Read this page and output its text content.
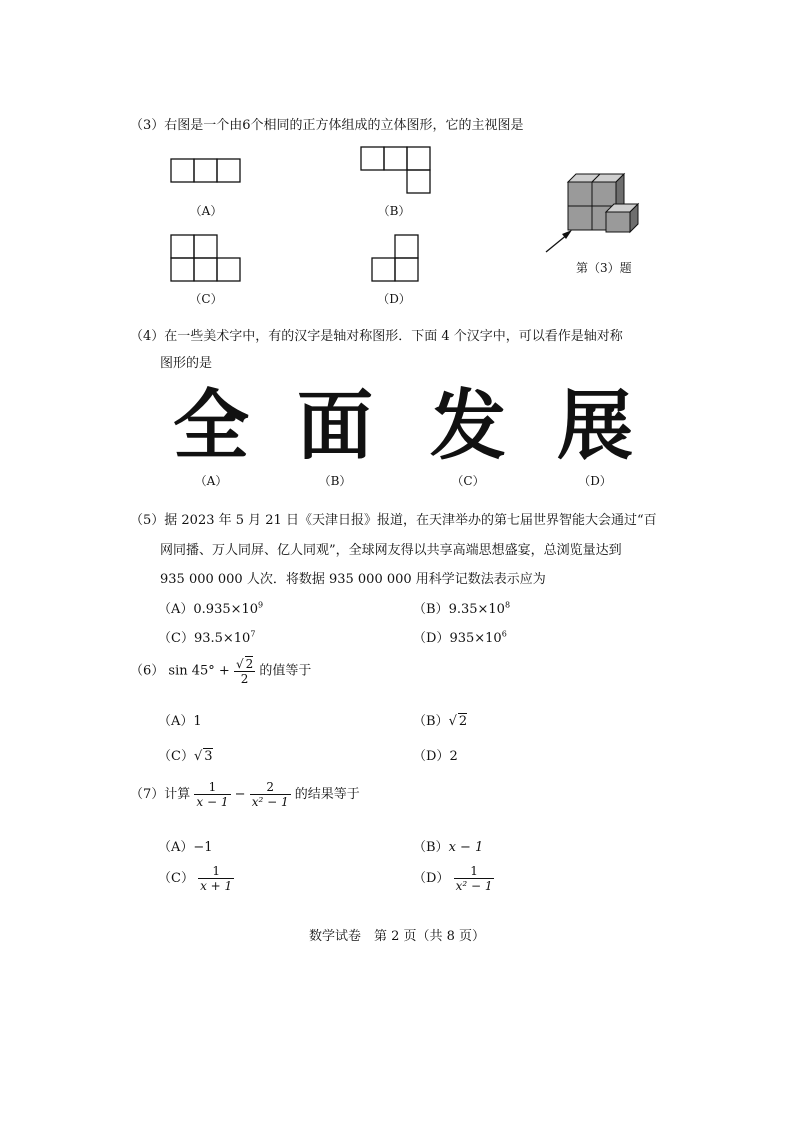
（3）右图是一个由6个相同的正方体组成的立体图形，它的主视图是
（A）	（B）
（C）	（D）
第（3）题
（4）在一些美术字中，有的汉字是轴对称图形．下面 4 个汉字中，可以看作是轴对称
图形的是
全 面 发 展
（A）	（B）	（C）	（D）
（5）据 2023 年 5 月 21 日《天津日报》报道，在天津举办的第七届世界智能大会通过“百
网同播、万人同屏、亿人同观”，全球网友得以共享高端思想盛宴，总浏览量达到
935 000 000 人次．将数据 935 000 000 用科学记数法表示应为
$(A)0.935\times 10^9$	$(B)9.35\times 10^8$
$(C)93.5\times 10^7$	$(D)935\times 10^6$
（6） $\sin 45^\circ + \frac{√ 2}{2}$ 的值等于
（A）1	（B）√ 2
（C）√ 3	（D）2
（7）计算 $\frac{1}{x - 1} - \frac{2}{\text{x² − 1}}$ 的结果等于
（A）−1	（B）x − 1
$(C) \frac{1}{x + 1}$	$(D) \frac{1}{\text{x² − 1}}$
数学试卷　第 2 页（共 8 页）
